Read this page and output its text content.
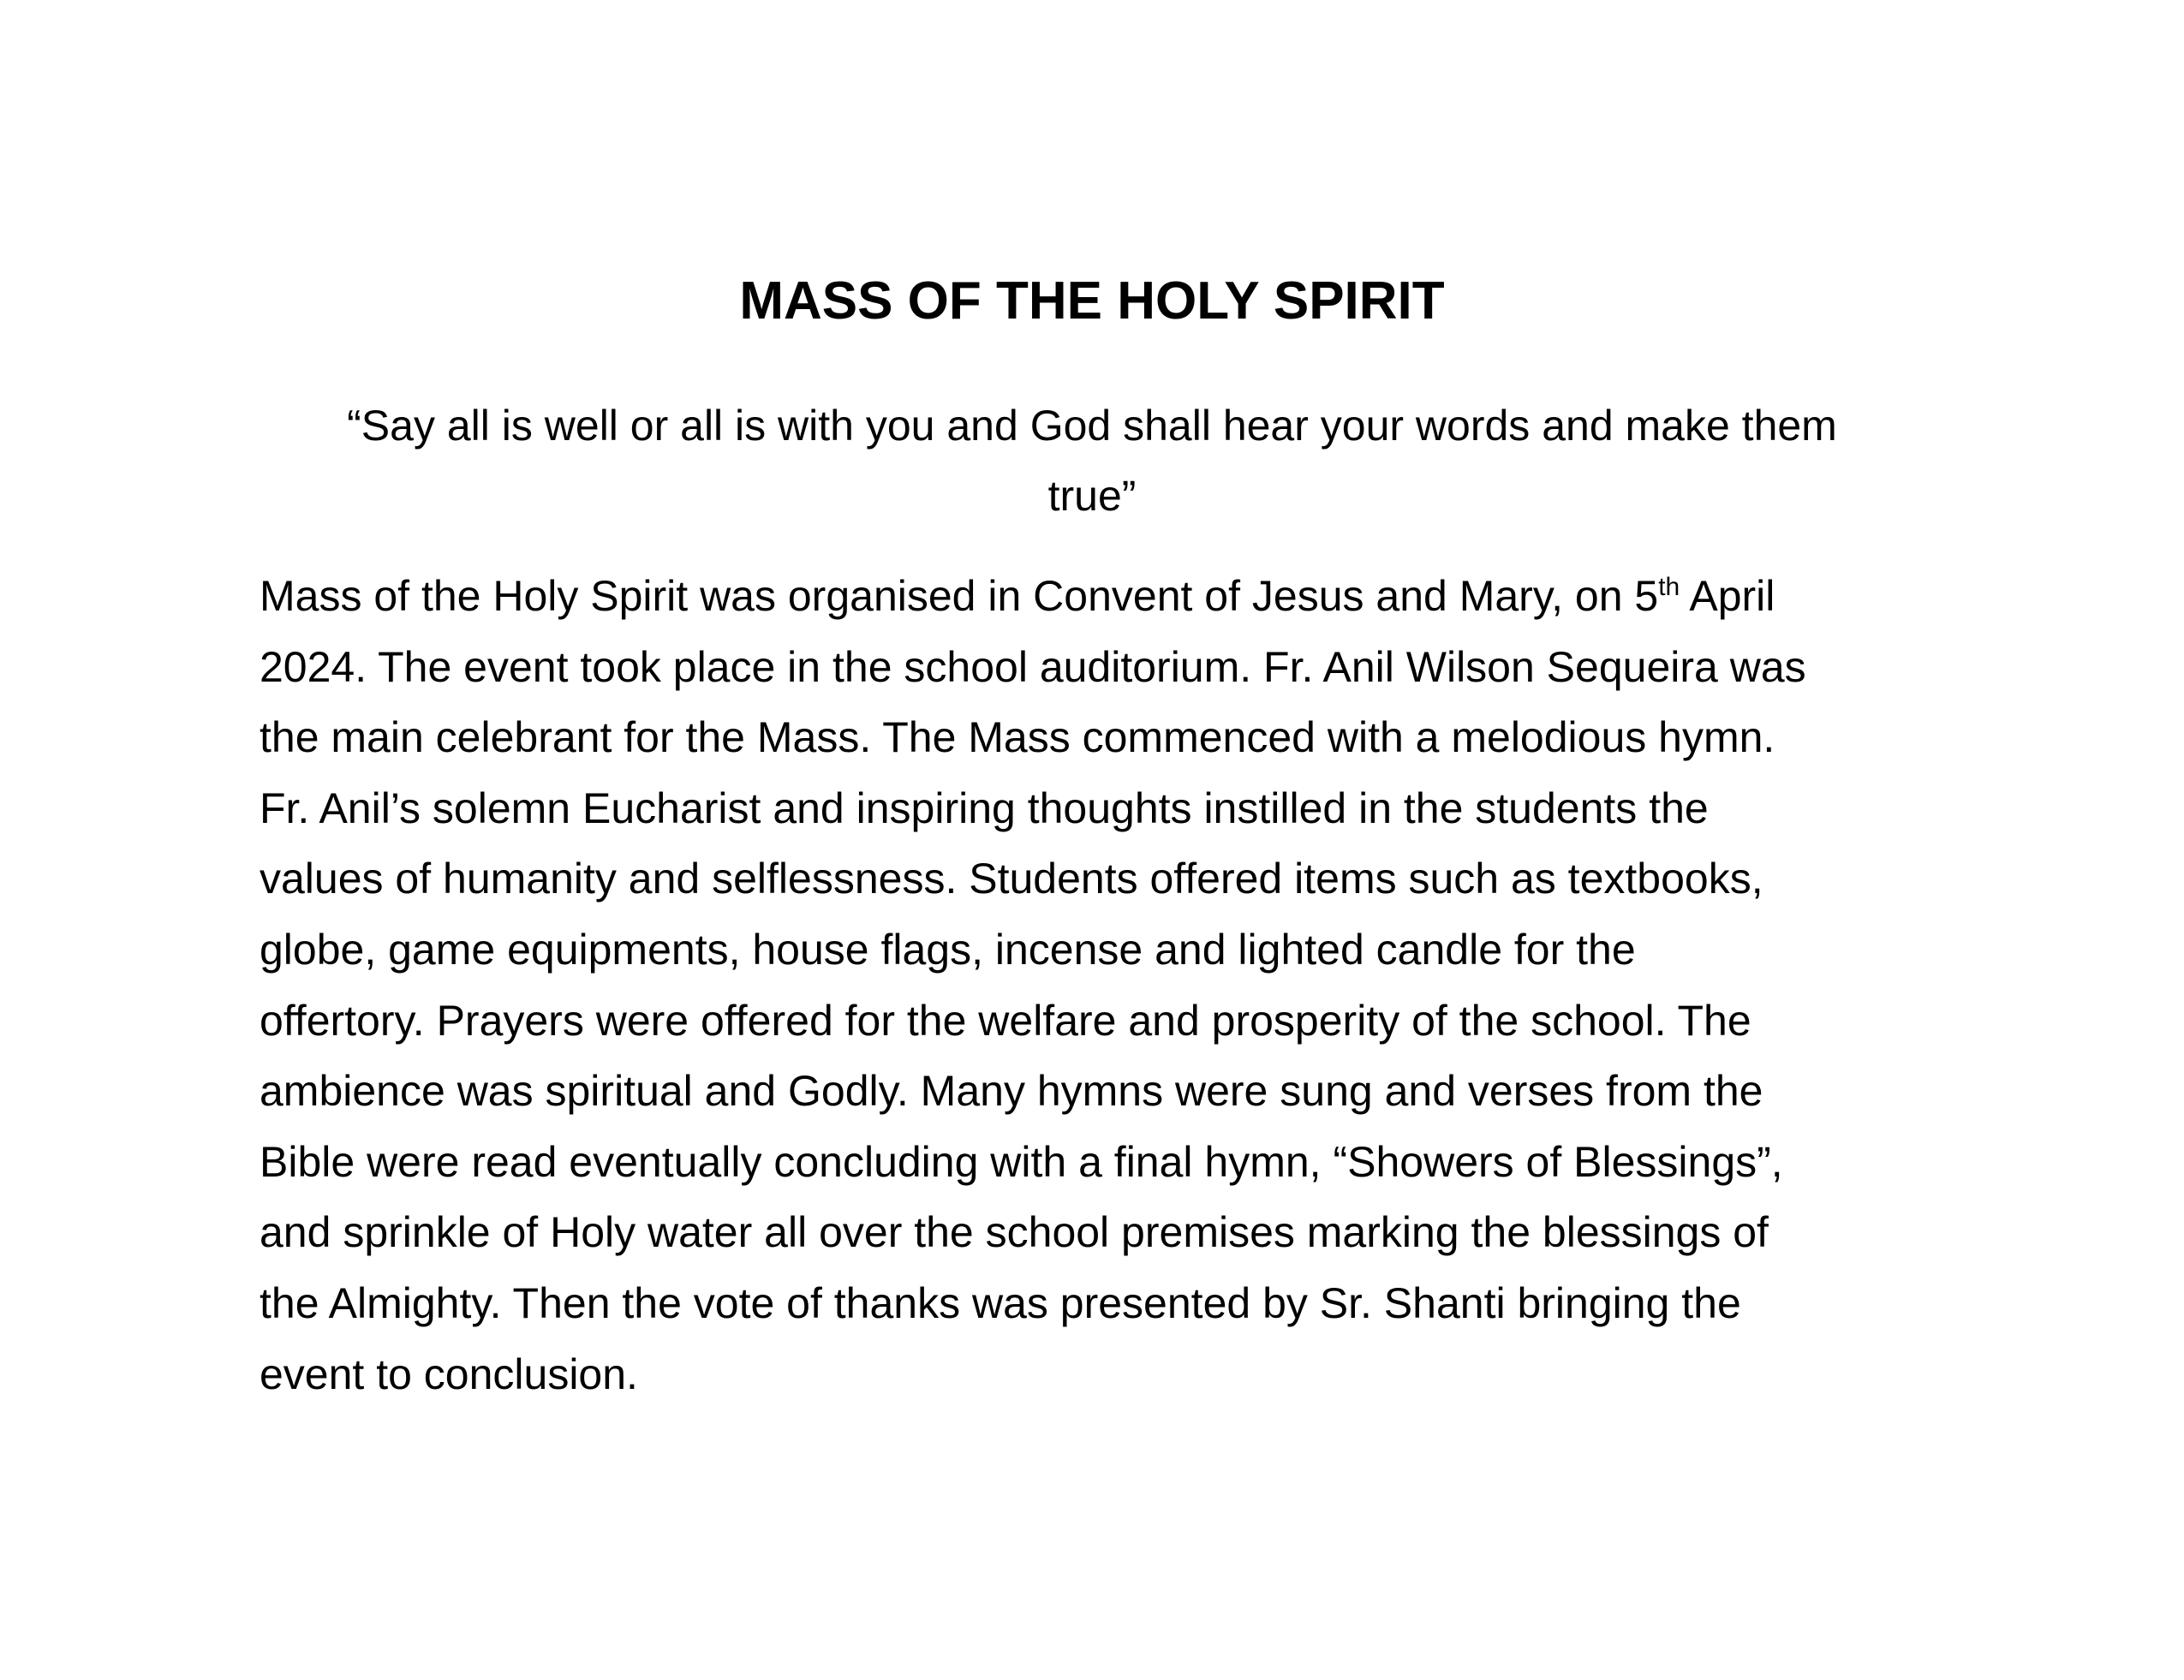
MASS OF THE HOLY SPIRIT
“Say all is well or all is with you and God shall hear your words and make them
true”
Mass of the Holy Spirit was organised in Convent of Jesus and Mary, on 5th April
2024. The event took place in the school auditorium. Fr. Anil Wilson Sequeira was
the main celebrant for the Mass. The Mass commenced with a melodious hymn.
Fr. Anil’s solemn Eucharist and inspiring thoughts instilled in the students the
values of humanity and selflessness. Students offered items such as textbooks,
globe, game equipments, house flags, incense and lighted candle for the
offertory. Prayers were offered for the welfare and prosperity of the school. The
ambience was spiritual and Godly. Many hymns were sung and verses from the
Bible were read eventually concluding with a final hymn, “Showers of Blessings”,
and sprinkle of Holy water all over the school premises marking the blessings of
the Almighty. Then the vote of thanks was presented by Sr. Shanti bringing the
event to conclusion.
